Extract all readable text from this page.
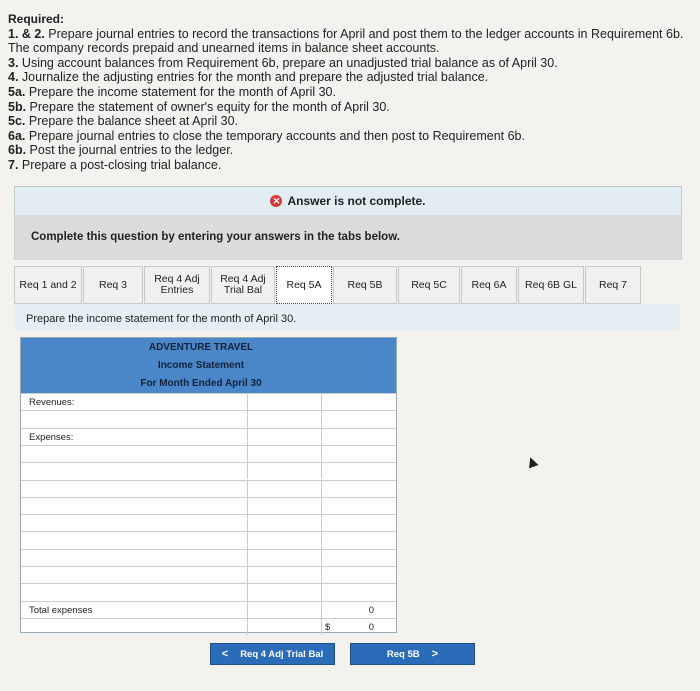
Required:
1. & 2. Prepare journal entries to record the transactions for April and post them to the ledger accounts in Requirement 6b. The company records prepaid and unearned items in balance sheet accounts.
3. Using account balances from Requirement 6b, prepare an unadjusted trial balance as of April 30.
4. Journalize the adjusting entries for the month and prepare the adjusted trial balance.
5a. Prepare the income statement for the month of April 30.
5b. Prepare the statement of owner's equity for the month of April 30.
5c. Prepare the balance sheet at April 30.
6a. Prepare journal entries to close the temporary accounts and then post to Requirement 6b.
6b. Post the journal entries to the ledger.
7. Prepare a post-closing trial balance.
✕ Answer is not complete.
Complete this question by entering your answers in the tabs below.
Req 1 and 2 Req 3	Req 4 Adj
Entries
Req 4 Adj
Trial Bal	Req 5A Req 5B	Req 5C Req 6A Req 6B GL Req 7
Prepare the income statement for the month of April 30.
ADVENTURE TRAVEL
Income Statement
For Month Ended April 30
Revenues:
Expenses:
Total expenses	0
$	0
< Req 4 Adj Trial Bal	Req 5B >
